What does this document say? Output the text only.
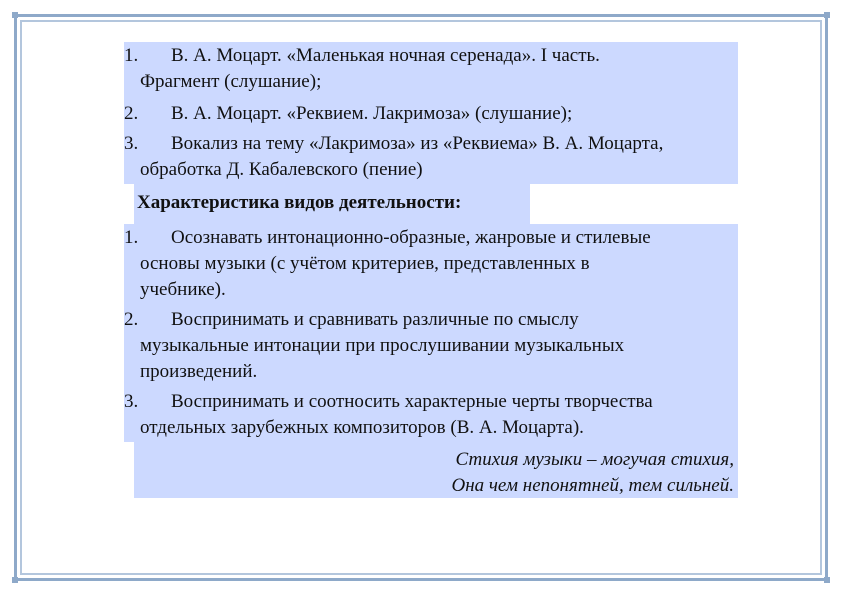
1. В. А. Моцарт. «Маленькая ночная серенада». I часть.
Фрагмент (слушание);
2. В. А. Моцарт. «Реквием. Лакримоза» (слушание);
3. Вокализ на тему «Лакримоза» из «Реквиема» В. А. Моцарта,
обработка Д. Кабалевского (пение)
Характеристика видов деятельности:
1. Осознавать интонационно-образные, жанровые и стилевые
основы музыки (с учётом критериев, представленных в
учебнике).
2. Воспринимать и сравнивать различные по смыслу
музыкальные интонации при прослушивании музыкальных
произведений.
3. Воспринимать и соотносить характерные черты творчества
отдельных зарубежных композиторов (В. А. Моцарта).
Стихия музыки – могучая стихия,
Она чем непонятней, тем сильней.
